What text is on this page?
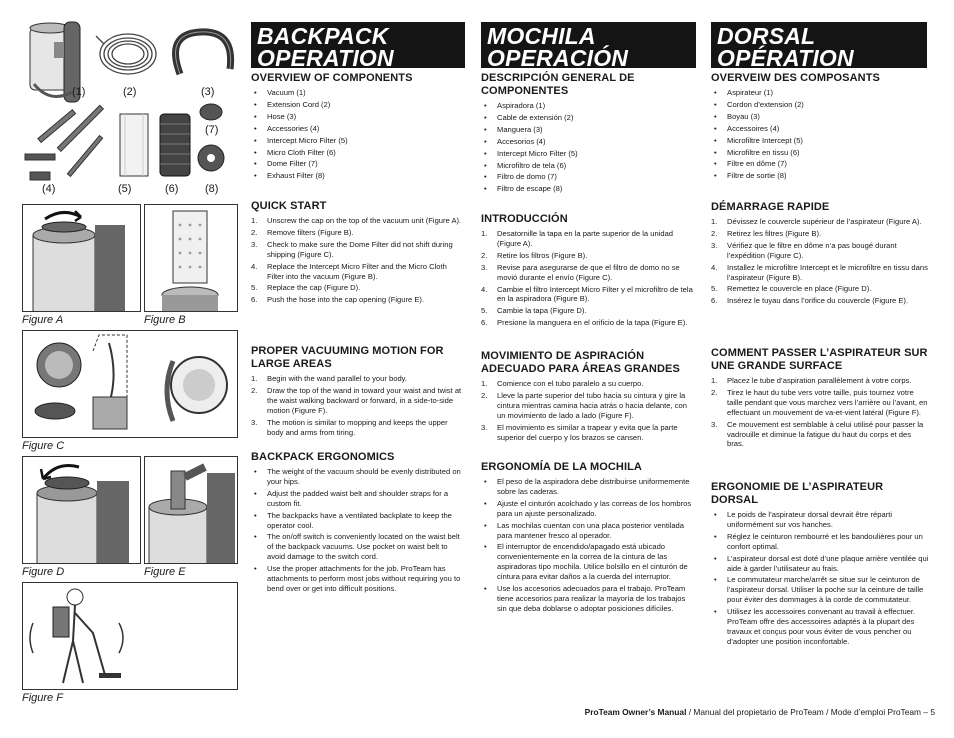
(1)	(2)	(3)
(7)
(4)	(5)	(6) (8)
Figure A	Figure B
Figure C
Figure D	Figure E
Figure F
BACKPACK
OPERATION
MOCHILA
OPERACIÓN
DORSAL
OPÉRATION
OVERVIEW OF COMPONENTS
• Vacuum (1)
• Extension Cord (2)
• Hose (3)
• Accessories (4)
• Intercept Micro Filter (5)
• Micro Cloth Filter (6)
• Dome Filter (7)
• Exhaust Filter (8)
QUICK START
1. Unscrew the cap on the top of the vacuum unit (Figure A).
2. Remove filters (Figure B).
3. Check to make sure the Dome Filter did not shift during shipping (Figure C).
4. Replace the Intercept Micro Filter and the Micro Cloth Filter into the vacuum (Figure B).
5. Replace the cap (Figure D).
6. Push the hose into the cap opening (Figure E).
PROPER VACUUMING MOTION FOR LARGE AREAS
1. Begin with the wand parallel to your body.
2. Draw the top of the wand in toward your waist and twist at the waist walking backward or forward, in a side-to-side motion (Figure F).
3. The motion is similar to mopping and keeps the upper body and arms from tiring.
BACKPACK ERGONOMICS
• The weight of the vacuum should be evenly distributed on your hips.
• Adjust the padded waist belt and shoulder straps for a custom fit.
• The backpacks have a ventilated backplate to keep the operator cool.
• The on/off switch is conveniently located on the waist belt of the backpack vacuums. Use pocket on waist belt to avoid damage to the switch cord.
• Use the proper attachments for the job. ProTeam has attachments to perform most jobs without requiring you to bend over or get into difficult positions.
DESCRIPCIÓN GENERAL DE COMPONENTES
• Aspiradora (1)
• Cable de extensión (2)
• Manguera (3)
• Accesorios (4)
• Intercept Micro Filter (5)
• Microfiltro de tela (6)
• Filtro de domo (7)
• Filtro de escape (8)
INTRODUCCIÓN
1. Desatornille la tapa en la parte superior de la unidad (Figure A).
2. Retire los filtros (Figure B).
3. Revise para asegurarse de que el filtro de domo no se movió durante el envío (Figure C).
4. Cambie el filtro Intercept Micro Filter y el microfiltro de tela en la aspiradora (Figure B).
5. Cambie la tapa (Figure D).
6. Presione la manguera en el orificio de la tapa (Figure E).
MOVIMIENTO DE ASPIRACIÓN ADECUADO PARA ÁREAS GRANDES
1. Comience con el tubo paralelo a su cuerpo.
2. Lleve la parte superior del tubo hacia su cintura y gire la cintura mientras camina hacia atrás o hacia delante, con un movimiento de lado a lado (Figure F).
3. El movimiento es similar a trapear y evita que la parte superior del cuerpo y los brazos se cansen.
ERGONOMÍA DE LA MOCHILA
• El peso de la aspiradora debe distribuirse uniformemente sobre las caderas.
• Ajuste el cinturón acolchado y las correas de los hombros para un ajuste personalizado.
• Las mochilas cuentan con una placa posterior ventilada para mantener fresco al operador.
• El interruptor de encendido/apagado está ubicado convenientemente en la correa de la cintura de las aspiradoras tipo mochila. Utilice bolsillo en el cinturón de cintura para evitar daños a la cuerda del interruptor.
• Use los accesorios adecuados para el trabajo. ProTeam tiene accesorios para realizar la mayoría de los trabajos sin que deba doblarse o adoptar posiciones difíciles.
OVERVEIW DES COMPOSANTS
• Aspirateur (1)
• Cordon d’extension (2)
• Boyau (3)
• Accessoires (4)
• Microfiltre Intercept (5)
• Microfiltre en tissu (6)
• Filtre en dôme (7)
• Filtre de sortie (8)
DÉMARRAGE RAPIDE
1. Dévissez le couvercle supérieur de l’aspirateur (Figure A).
2. Retirez les filtres (Figure B).
3. Vérifiez que le filtre en dôme n’a pas bougé durant l’expédition (Figure C).
4. Installez le microfiltre Intercept et le microfiltre en tissu dans l’aspirateur (Figure B).
5. Remettez le couvercle en place (Figure D).
6. Insérez le tuyau dans l’orifice du couvercle (Figure E).
COMMENT PASSER L’ASPIRATEUR SUR UNE GRANDE SURFACE
1. Placez le tube d’aspiration parallèlement à votre corps.
2. Tirez le haut du tube vers votre taille, puis tournez votre taille pendant que vous marchez vers l’arrière ou l’avant, en effectuant un mouvement de va-et-vient latéral (Figure F).
3. Ce mouvement est semblable à celui utilisé pour passer la vadrouille et diminue la fatigue du haut du corps et des bras.
ERGONOMIE DE L’ASPIRATEUR DORSAL
• Le poids de l’aspirateur dorsal devrait être réparti uniformément sur vos hanches.
• Réglez le ceinturon rembourré et les bandoulières pour un confort optimal.
• L’aspirateur dorsal est doté d’une plaque arrière ventilée qui aide à garder l’utilisateur au frais.
• Le commutateur marche/arrêt se situe sur le ceinturon de l’aspirateur dorsal. Utiliser la poche sur la ceinture de taille pour éviter des dommages à la corde de commutateur.
• Utilisez les accessoires convenant au travail à effectuer. ProTeam offre des accessoires adaptés à la plupart des travaux et conçus pour vous éviter de vous pencher ou d’adopter une position inconfortable.
ProTeam Owner’s Manual / Manual del propietario de ProTeam / Mode d’emploi ProTeam – 5
